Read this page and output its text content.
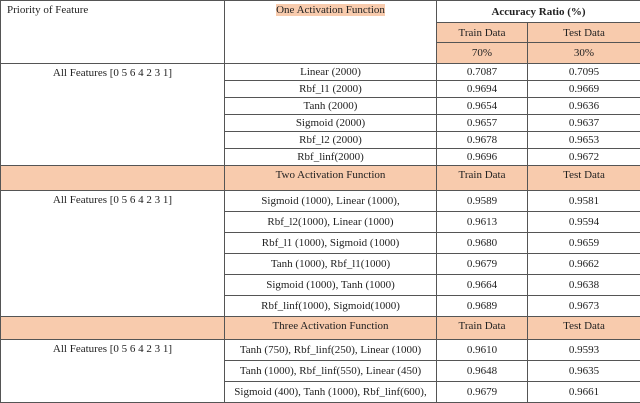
Priority of Feature	One Activation Function	Accuracy Ratio (%)	
		Train Data	Test Data
		70%	30%
All Features [0 5 6 4 2 3 1]	Linear (2000)	0.7087	0.7095
	Rbf_l1 (2000)	0.9694	0.9669
	Tanh (2000)	0.9654	0.9636
	Sigmoid (2000)	0.9657	0.9637
	Rbf_l2 (2000)	0.9678	0.9653
	Rbf_linf(2000)	0.9696	0.9672
	Two Activation Function	Train Data	Test Data
All Features [0 5 6 4 2 3 1]	Sigmoid (1000), Linear (1000),	0.9589	0.9581
	Rbf_l2(1000), Linear (1000)	0.9613	0.9594
	Rbf_l1 (1000), Sigmoid (1000)	0.9680	0.9659
	Tanh (1000), Rbf_l1(1000)	0.9679	0.9662
	Sigmoid (1000), Tanh (1000)	0.9664	0.9638
	Rbf_linf(1000), Sigmoid(1000)	0.9689	0.9673
	Three Activation Function	Train Data	Test Data
All Features [0 5 6 4 2 3 1]	Tanh (750), Rbf_linf(250), Linear (1000)	0.9610	0.9593
	Tanh (1000), Rbf_linf(550), Linear (450)	0.9648	0.9635
	Sigmoid (400), Tanh (1000), Rbf_linf(600),	0.9679	0.9661
